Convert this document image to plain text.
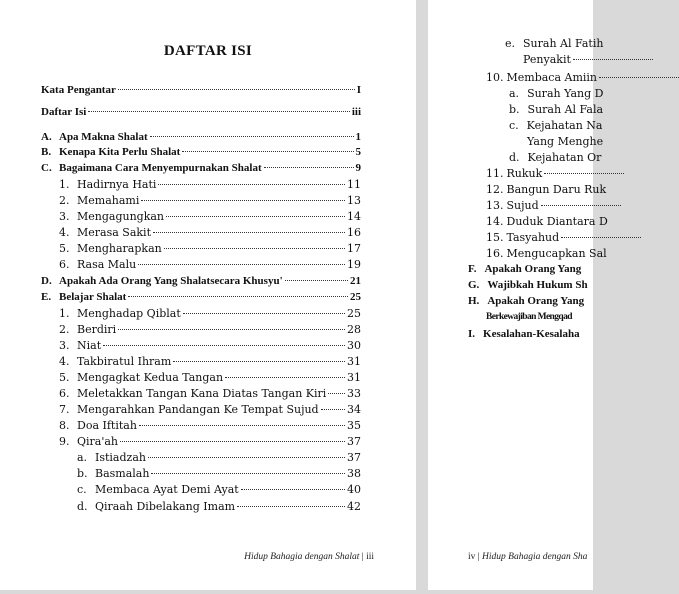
DAFTAR ISI
Kata Pengantar	I
Daftar Isi	iii
A. Apa Makna Shalat	1
B. Kenapa Kita Perlu Shalat	5
C. Bagaimana Cara Menyempurnakan Shalat	9
1. Hadirnya Hati	11
2. Memahami	13
3. Mengagungkan	14
4. Merasa Sakit	16
5. Mengharapkan	17
6. Rasa Malu	19
D. Apakah Ada Orang Yang Shalatsecara Khusyu'	21
E. Belajar Shalat	25
1. Menghadap Qiblat	25
2. Berdiri	28
3. Niat	30
4. Takbiratul Ihram	31
5. Mengagkat Kedua Tangan	31
6. Meletakkan Tangan Kana Diatas Tangan Kiri 33
7. Mengarahkan Pandangan Ke Tempat Sujud	34
8. Doa Iftitah	35
9. Qira'ah	37
a. Istiadzah	37
b. Basmalah	38
c. Membaca Ayat Demi Ayat	40
d. Qiraah Dibelakang Imam	42
Hidup Bahagia dengan Shalat | iii
e. Surah Al Fatih
Penyakit
10. Membaca Amiin
a. Surah Yang D
b. Surah Al Fala
c. Kejahatan Na
Yang Menghe
d. Kejahatan Or
11. Rukuk
12. Bangun Daru Ruk
13. Sujud
14. Duduk Diantara D
15. Tasyahud
16. Mengucapkan Sal
F. Apakah Orang Yang
G. Wajibkah Hukum Sh
H. Apakah Orang Yang
Berkewajiban Mengqad
I. Kesalahan-Kesalaha
iv | Hidup Bahagia dengan Sha
